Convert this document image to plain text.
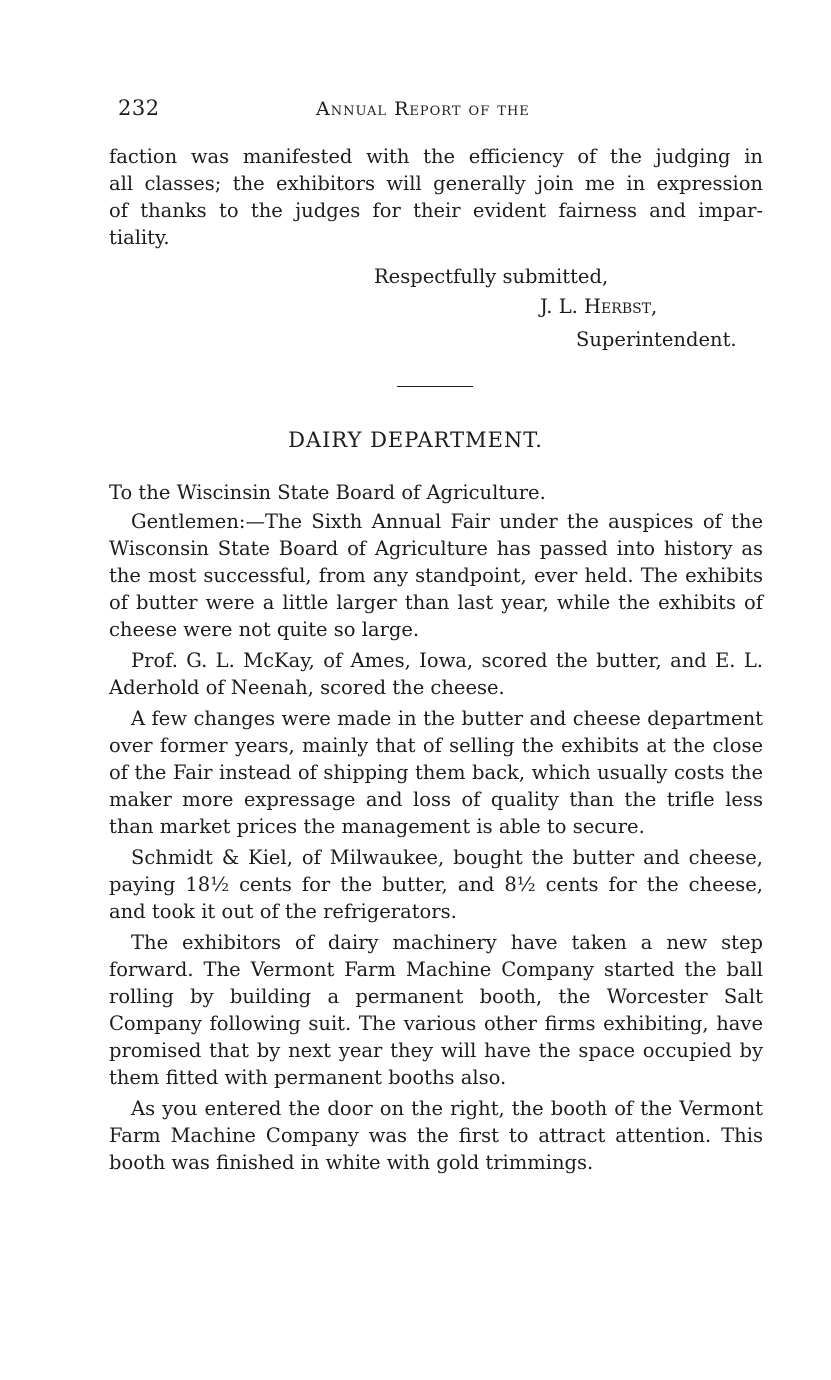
232	Annual Report of the
faction was manifested with the efficiency of the judging in
all classes; the exhibitors will generally join me in expression
of thanks to the judges for their evident fairness and impar-
tiality.
Respectfully submitted,
J. L. Herbst,
Superintendent.
DAIRY DEPARTMENT.
To the Wiscinsin State Board of Agriculture.

Gentlemen:—The Sixth Annual Fair under the auspices of the Wisconsin State Board of Agriculture has passed into history as the most successful, from any standpoint, ever held. The exhibits of butter were a little larger than last year, while the exhibits of cheese were not quite so large.

Prof. G. L. McKay, of Ames, Iowa, scored the butter, and E. L. Aderhold of Neenah, scored the cheese.

A few changes were made in the butter and cheese department over former years, mainly that of selling the exhibits at the close of the Fair instead of shipping them back, which usually costs the maker more expressage and loss of quality than the trifle less than market prices the management is able to secure.

Schmidt & Kiel, of Milwaukee, bought the butter and cheese, paying 18½ cents for the butter, and 8½ cents for the cheese, and took it out of the refrigerators.

The exhibitors of dairy machinery have taken a new step forward. The Vermont Farm Machine Company started the ball rolling by building a permanent booth, the Worcester Salt Company following suit. The various other firms exhibiting, have promised that by next year they will have the space occupied by them fitted with permanent booths also.

As you entered the door on the right, the booth of the Vermont Farm Machine Company was the first to attract attention. This booth was finished in white with gold trimmings.
